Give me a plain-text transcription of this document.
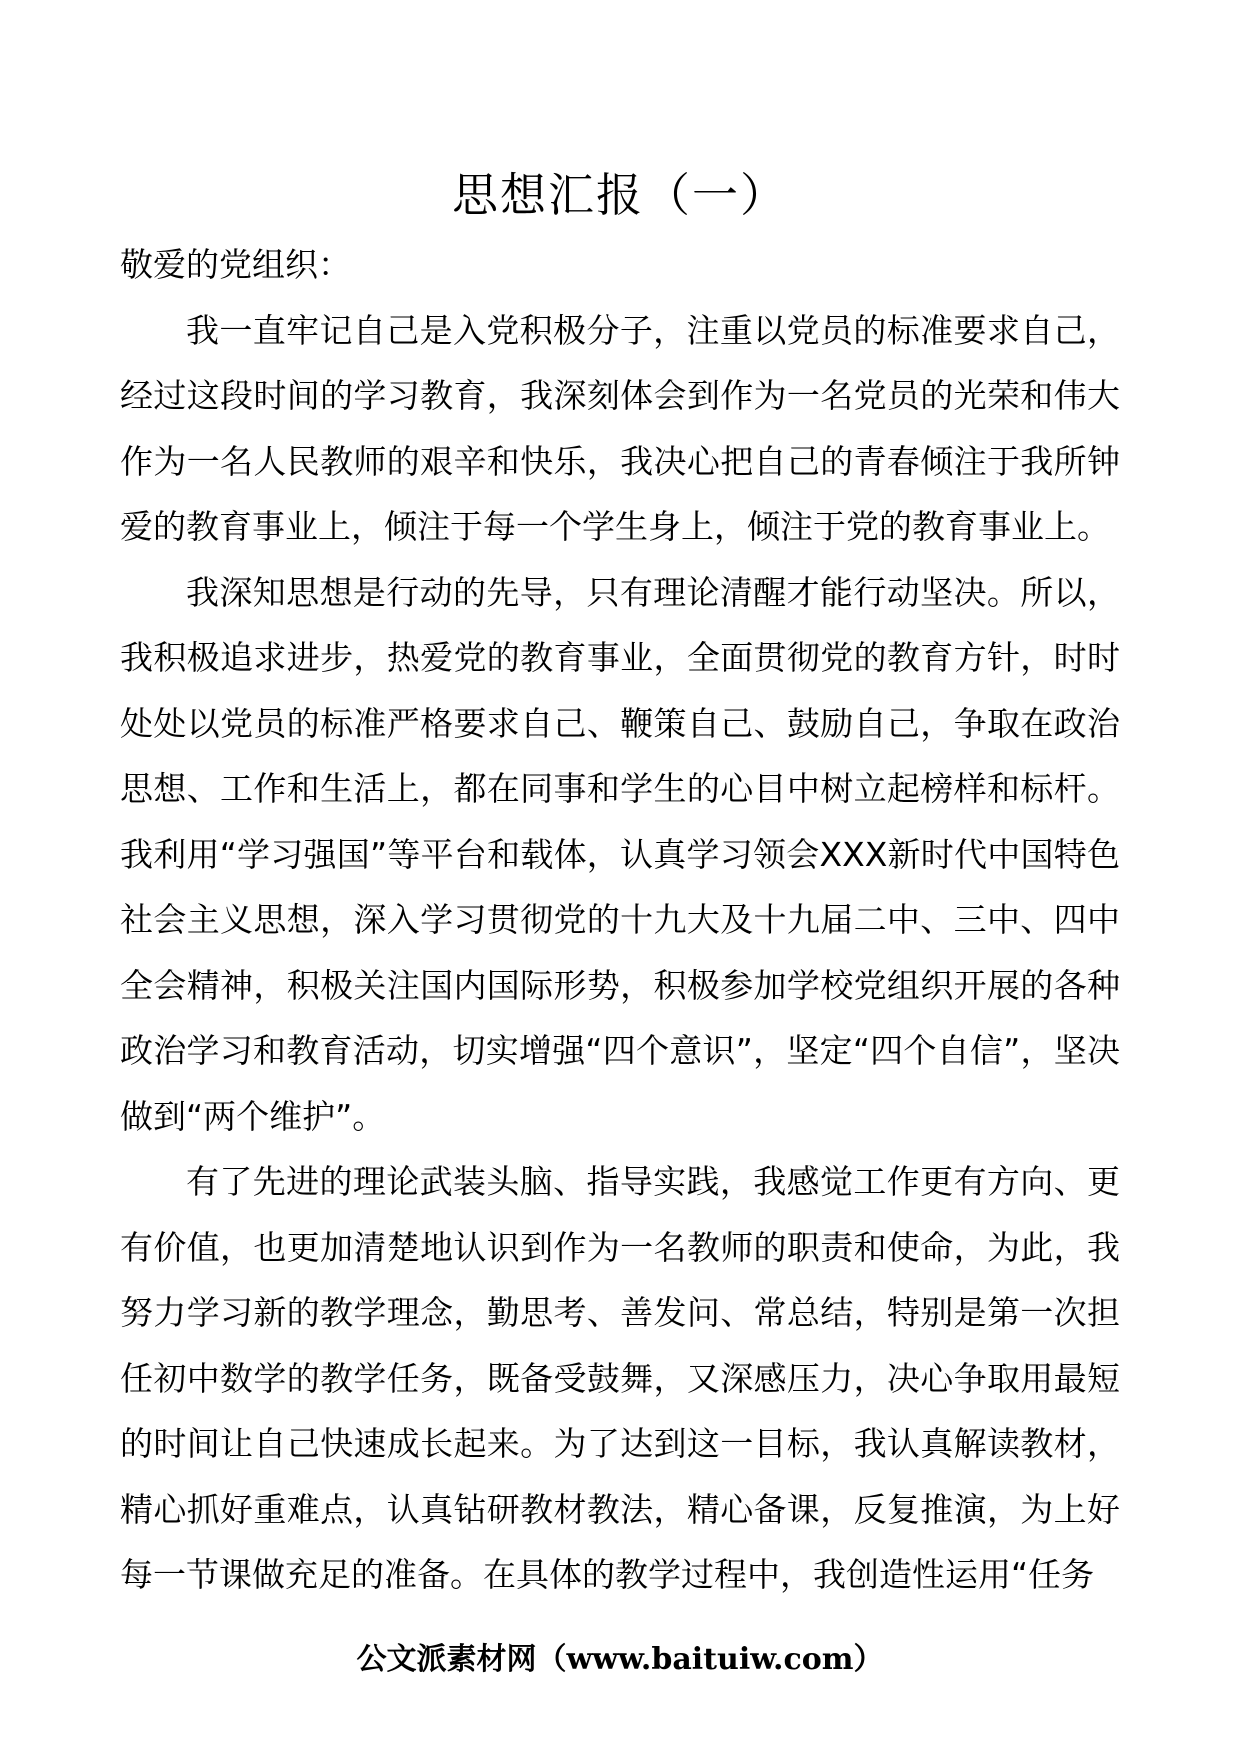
思想汇报（一）

敬爱的党组织：

我一直牢记自己是入党积极分子，注重以党员的标准要求自己，经过这段时间的学习教育，我深刻体会到作为一名党员的光荣和伟大作为一名人民教师的艰辛和快乐，我决心把自己的青春倾注于我所钟爱的教育事业上，倾注于每一个学生身上，倾注于党的教育事业上。

我深知思想是行动的先导，只有理论清醒才能行动坚决。所以，我积极追求进步，热爱党的教育事业，全面贯彻党的教育方针，时时处处以党员的标准严格要求自己、鞭策自己、鼓励自己，争取在政治思想、工作和生活上，都在同事和学生的心目中树立起榜样和标杆。我利用“学习强国”等平台和载体，认真学习领会XXX新时代中国特色社会主义思想，深入学习贯彻党的十九大及十九届二中、三中、四中全会精神，积极关注国内国际形势，积极参加学校党组织开展的各种政治学习和教育活动，切实增强“四个意识”，坚定“四个自信”，坚决做到“两个维护”。

有了先进的理论武装头脑、指导实践，我感觉工作更有方向、更有价值，也更加清楚地认识到作为一名教师的职责和使命，为此，我努力学习新的教学理念，勤思考、善发问、常总结，特别是第一次担任初中数学的教学任务，既备受鼓舞，又深感压力，决心争取用最短的时间让自己快速成长起来。为了达到这一目标，我认真解读教材，精心抓好重难点，认真钻研教材教法，精心备课，反复推演，为上好每一节课做充足的准备。在具体的教学过程中，我创造性运用“任务

公文派素材网（www.baituiw.com）
